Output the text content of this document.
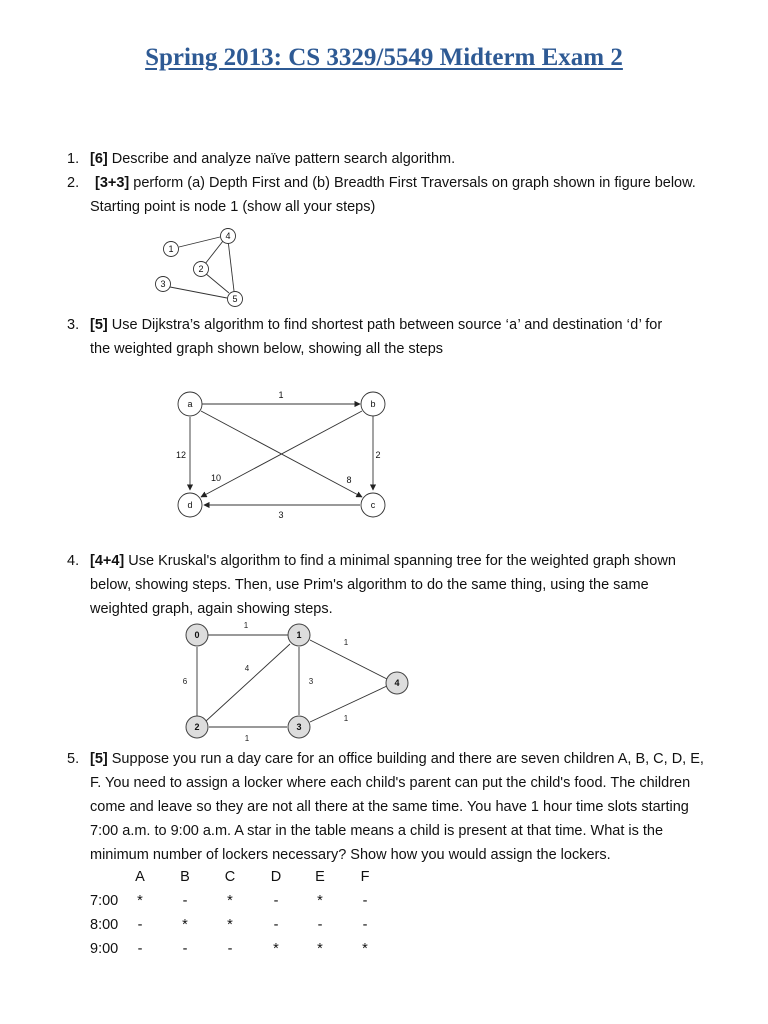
Spring 2013: CS 3329/5549 Midterm Exam 2
1. [6] Describe and analyze naïve pattern search algorithm.
2. [3+3] perform (a) Depth First and (b) Breadth First Traversals on graph shown in figure below.
Starting point is node 1 (show all your steps)
1
2
3
4
5
3. [5] Use Dijkstra’s algorithm to find shortest path between source ‘a’ and destination ‘d’ for
the weighted graph shown below, showing all the steps
a	b
c
d
1
2
3
12
10	8
4. [4+4] Use Kruskal's algorithm to find a minimal spanning tree for the weighted graph shown
below, showing steps. Then, use Prim's algorithm to do the same thing, using the same
weighted graph, again showing steps.
0	1
2	3
4
1
6
4
3
1
1
1
5. [5] Suppose you run a day care for an office building and there are seven children A, B, C, D, E,
F. You need to assign a locker where each child's parent can put the child's food. The children
come and leave so they are not all there at the same time. You have 1 hour time slots starting
7:00 a.m. to 9:00 a.m. A star in the table means a child is present at that time. What is the
minimum number of lockers necessary? Show how you would assign the lockers.
A	B	C	D	E	F
7:00	*	-	*	-	*	-
8:00	-	*	*	-	-	-
9:00	-	-	-	*	*	*
